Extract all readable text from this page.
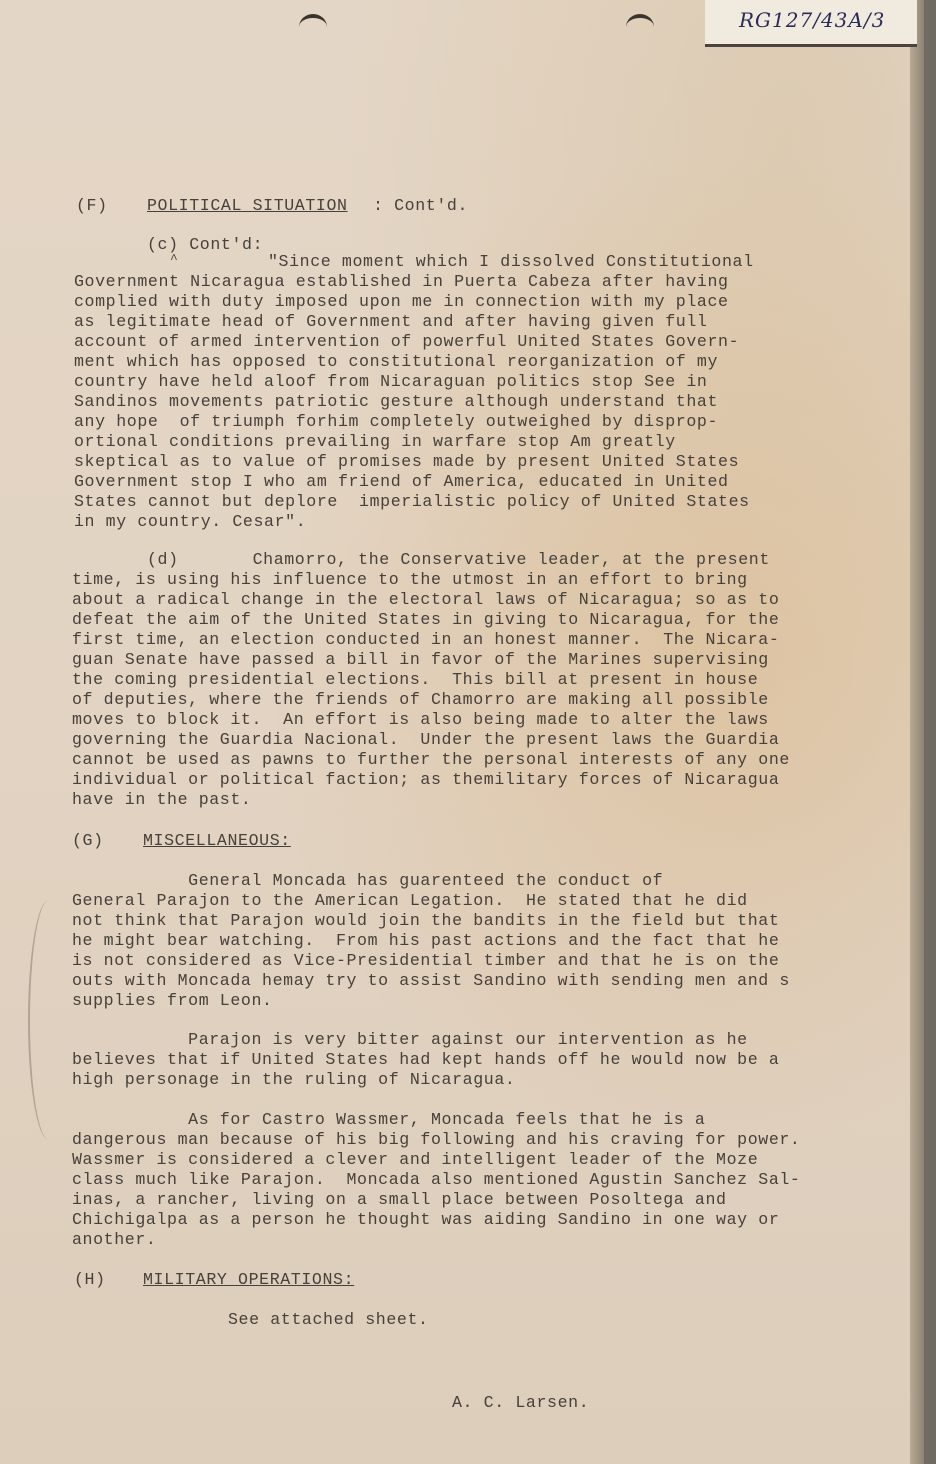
RG127/43A/3
(F) POLITICAL SITUATION : Cont'd.
(c) Cont'd:
^	"Since moment which I dissolved Constitutional
Government Nicaragua established in Puerta Cabeza after having
complied with duty imposed upon me in connection with my place
as legitimate head of Government and after having given full
account of armed intervention of powerful United States Govern-
ment which has opposed to constitutional reorganization of my
country have held aloof from Nicaraguan politics stop See in
Sandinos movements patriotic gesture although understand that
any hope  of triumph forhim completely outweighed by disprop-
ortional conditions prevailing in warfare stop Am greatly
skeptical as to value of promises made by present United States
Government stop I who am friend of America, educated in United
States cannot but deplore  imperialistic policy of United States
in my country. Cesar".
(d)       Chamorro, the Conservative leader, at the present
time, is using his influence to the utmost in an effort to bring
about a radical change in the electoral laws of Nicaragua; so as to
defeat the aim of the United States in giving to Nicaragua, for the
first time, an election conducted in an honest manner.  The Nicara-
guan Senate have passed a bill in favor of the Marines supervising
the coming presidential elections.  This bill at present in house
of deputies, where the friends of Chamorro are making all possible
moves to block it.  An effort is also being made to alter the laws
governing the Guardia Nacional.  Under the present laws the Guardia
cannot be used as pawns to further the personal interests of any one
individual or political faction; as themilitary forces of Nicaragua
have in the past.
(G) MISCELLANEOUS:
General Moncada has guarenteed the conduct of
General Parajon to the American Legation.  He stated that he did
not think that Parajon would join the bandits in the field but that
he might bear watching.  From his past actions and the fact that he
is not considered as Vice-Presidential timber and that he is on the
outs with Moncada hemay try to assist Sandino with sending men and s
supplies from Leon.
Parajon is very bitter against our intervention as he
believes that if United States had kept hands off he would now be a
high personage in the ruling of Nicaragua.
As for Castro Wassmer, Moncada feels that he is a
dangerous man because of his big following and his craving for power.
Wassmer is considered a clever and intelligent leader of the Moze
class much like Parajon.  Moncada also mentioned Agustin Sanchez Sal-
inas, a rancher, living on a small place between Posoltega and
Chichigalpa as a person he thought was aiding Sandino in one way or
another.
(H) MILITARY OPERATIONS:
See attached sheet.
A. C. Larsen.
